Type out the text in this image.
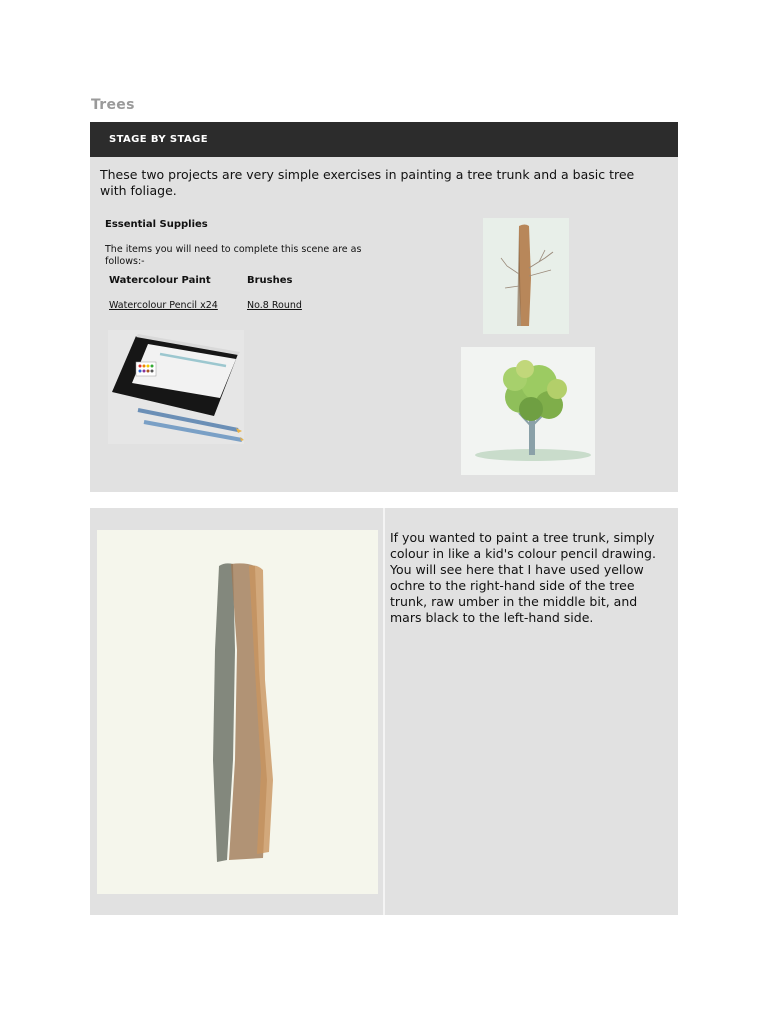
Trees
STAGE BY STAGE
These two projects are very simple exercises in painting a tree trunk and a basic tree with foliage.
Essential Supplies
The items you will need to complete this scene are as follows:-
Watercolour Paint	Brushes
Watercolour Pencil x24	No.8 Round
If you wanted to paint a tree trunk, simply colour in like a kid's colour pencil drawing. You will see here that I have used yellow ochre to the right-hand side of the tree trunk, raw umber in the middle bit, and mars black to the left-hand side.
